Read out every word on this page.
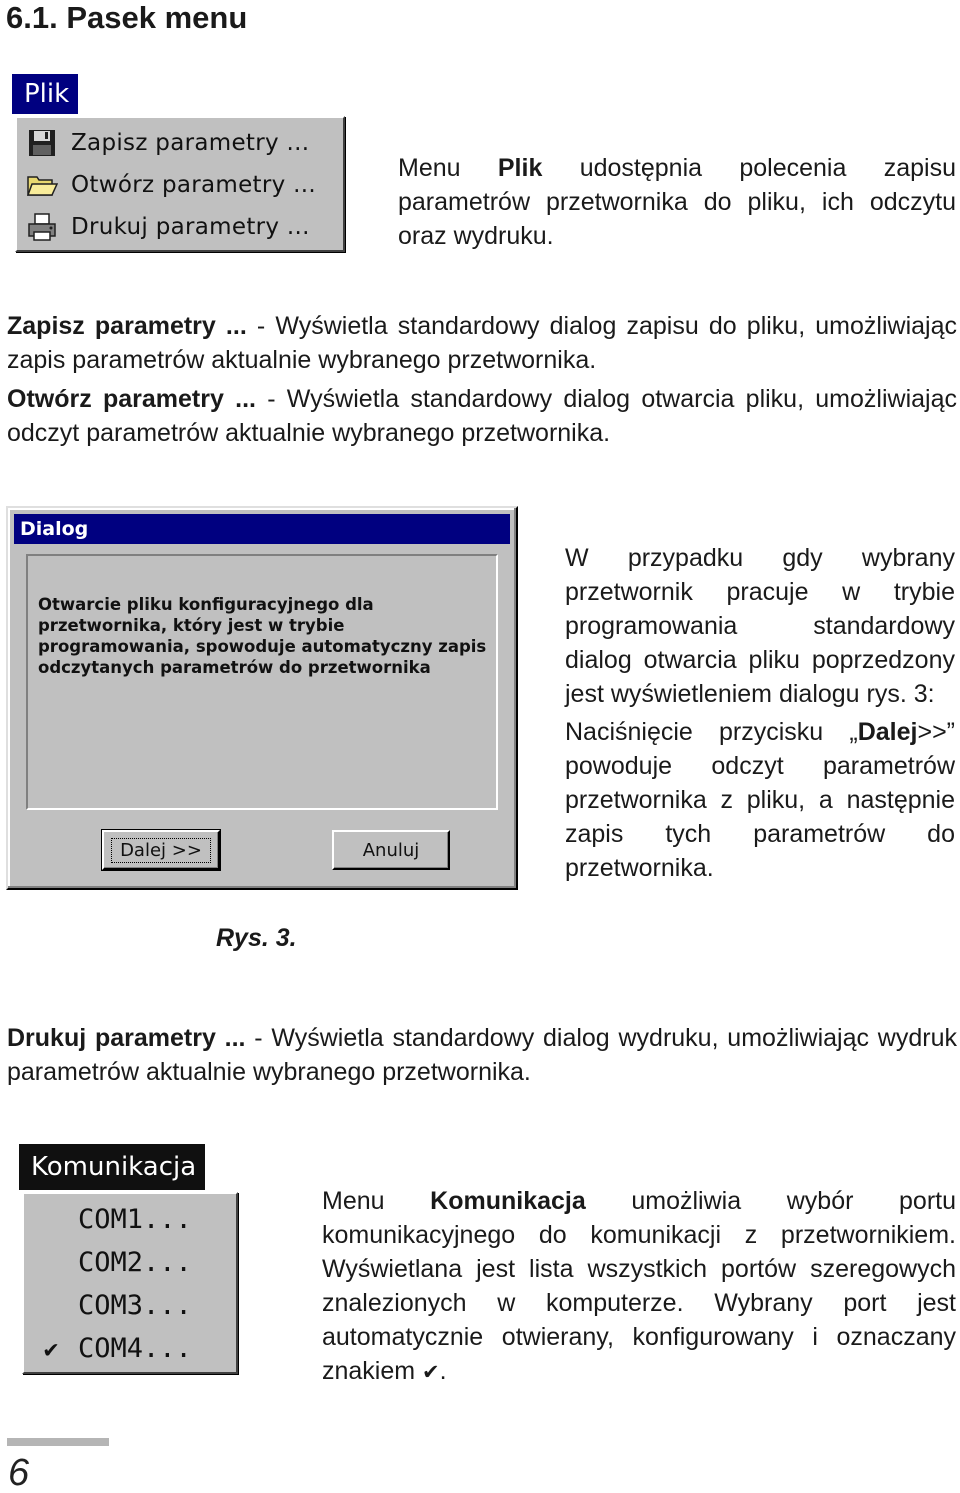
6.1. Pasek menu
Plik
Zapisz parametry ...
Otwórz parametry ...
Drukuj parametry ...
Menu Plik udostępnia polecenia zapisu parametrów przetwornika do pliku, ich odczytu oraz wydruku.
Zapisz parametry ... - Wyświetla standardowy dialog zapisu do pliku, umożliwiając zapis parametrów aktualnie wybranego przetwornika.
Otwórz parametry ... - Wyświetla standardowy dialog otwarcia pliku, umożliwiając odczyt parametrów aktualnie wybranego przetwornika.
Dialog
Otwarcie pliku konfiguracyjnego dla przetwornika, który jest w trybie programowania, spowoduje automatyczny zapis odczytanych parametrów do przetwornika
Dalej >>	Anuluj
W przypadku gdy wybrany przetwornik pracuje w trybie programowania standardowy dialog otwarcia pliku poprzedzony jest wyświetleniem dialogu rys. 3:
Naciśnięcie przycisku „Dalej>>” powoduje odczyt parametrów przetwornika z pliku, a następnie zapis tych parametrów do przetwornika.
Rys. 3.
Drukuj parametry ... - Wyświetla standardowy dialog wydruku, umożliwiając wydruk parametrów aktualnie wybranego przetwornika.
Komunikacja
COM1...
COM2...
COM3...
✔ COM4...
Menu Komunikacja umożliwia wybór portu komunikacyjnego do komunikacji z przetwornikiem. Wyświetlana jest lista wszystkich portów szeregowych znalezionych w komputerze. Wybrany port jest automatycznie otwierany, konfigurowany i oznaczany znakiem ✔.
6
